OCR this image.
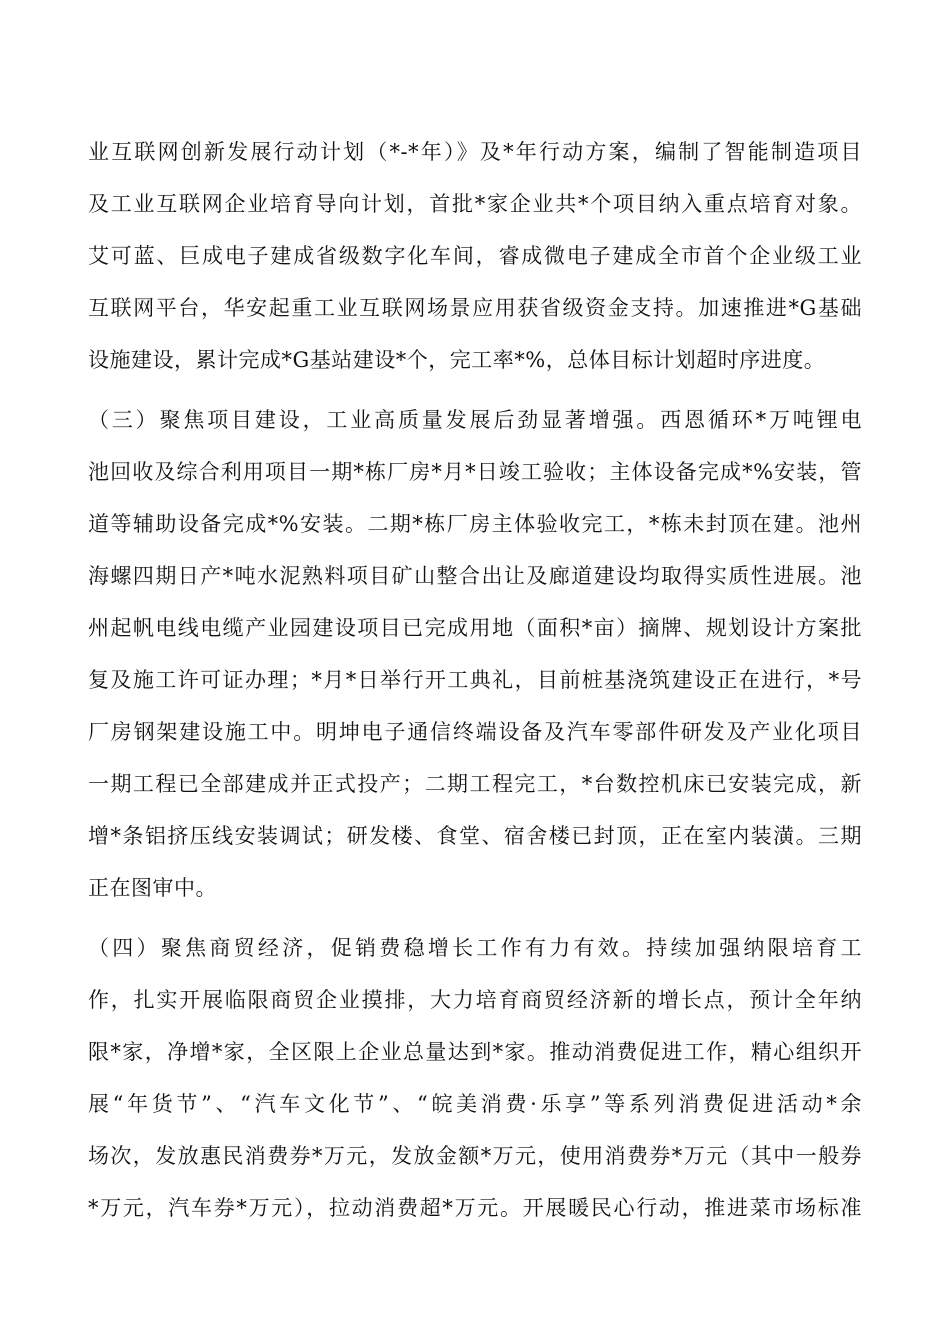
业互联网创新发展行动计划（*-*年）》及*年行动方案，编制了智能制造项目
及工业互联网企业培育导向计划，首批*家企业共*个项目纳入重点培育对象。
艾可蓝、巨成电子建成省级数字化车间，睿成微电子建成全市首个企业级工业
互联网平台，华安起重工业互联网场景应用获省级资金支持。加速推进*G基础
设施建设，累计完成*G基站建设*个，完工率*%，总体目标计划超时序进度。
（三）聚焦项目建设，工业高质量发展后劲显著增强。西恩循环*万吨锂电
池回收及综合利用项目一期*栋厂房*月*日竣工验收；主体设备完成*%安装，管
道等辅助设备完成*%安装。二期*栋厂房主体验收完工，*栋未封顶在建。池州
海螺四期日产*吨水泥熟料项目矿山整合出让及廊道建设均取得实质性进展。池
州起帆电线电缆产业园建设项目已完成用地（面积*亩）摘牌、规划设计方案批
复及施工许可证办理；*月*日举行开工典礼，目前桩基浇筑建设正在进行，*号
厂房钢架建设施工中。明坤电子通信终端设备及汽车零部件研发及产业化项目
一期工程已全部建成并正式投产；二期工程完工，*台数控机床已安装完成，新
增*条铝挤压线安装调试；研发楼、食堂、宿舍楼已封顶，正在室内装潢。三期
正在图审中。
（四）聚焦商贸经济，促销费稳增长工作有力有效。持续加强纳限培育工
作，扎实开展临限商贸企业摸排，大力培育商贸经济新的增长点，预计全年纳
限*家，净增*家，全区限上企业总量达到*家。推动消费促进工作，精心组织开
展“年货节”、“汽车文化节”、“皖美消费·乐享”等系列消费促进活动*余
场次，发放惠民消费券*万元，发放金额*万元，使用消费券*万元（其中一般券
*万元，汽车券*万元），拉动消费超*万元。开展暖民心行动，推进菜市场标准
